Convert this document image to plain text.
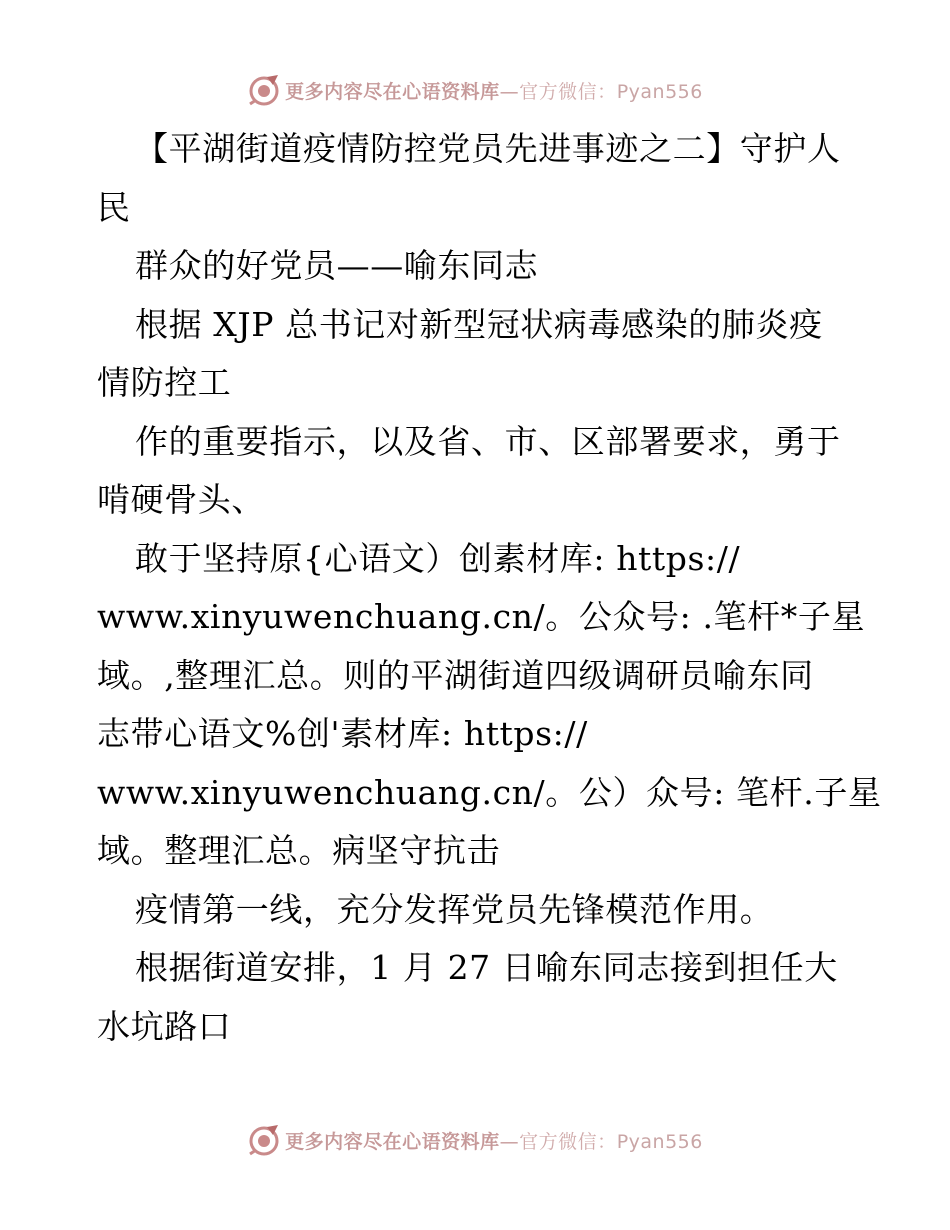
更多内容尽在心语资料库—官方微信：Pyan556
【平湖街道疫情防控党员先进事迹之二】守护人
民
群众的好党员——喻东同志
根据 XJP 总书记对新型冠状病毒感染的肺炎疫
情防控工
作的重要指示，以及省、市、区部署要求，勇于
啃硬骨头、
敢于坚持原{心语文）创素材库: https://
www.xinyuwenchuang.cn/。公众号: .笔杆*子星
域。,整理汇总。则的平湖街道四级调研员喻东同
志带心语文%创'素材库: https://
www.xinyuwenchuang.cn/。公）众号: 笔杆.子星
域。整理汇总。病坚守抗击
疫情第一线，充分发挥党员先锋模范作用。
根据街道安排，1 月 27 日喻东同志接到担任大
水坑路口
更多内容尽在心语资料库—官方微信：Pyan556
